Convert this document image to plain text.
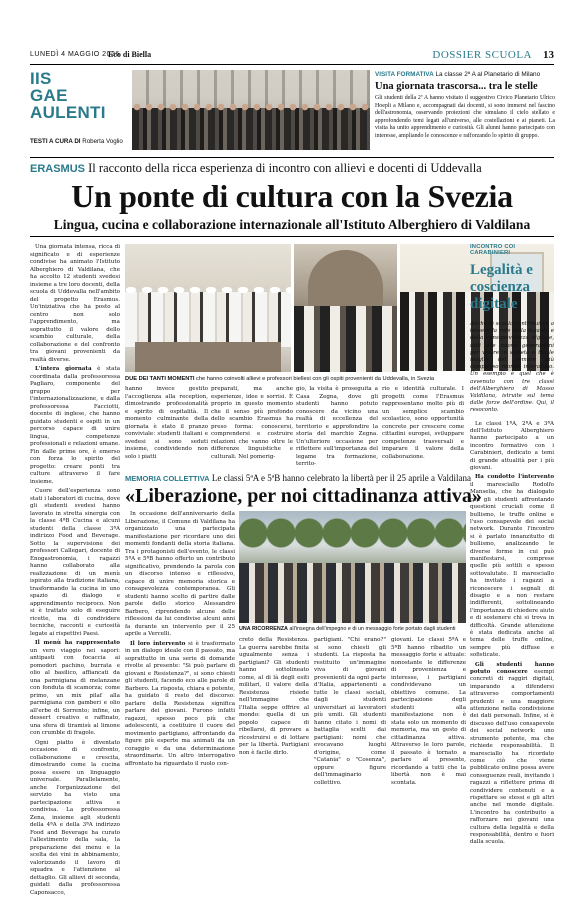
LUNEDÌ 4 MAGGIO 2026
Eco di Biella	DOSSIER SCUOLA 13
IIS
GAE AULENTI
TESTI A CURA DI Roberta Voglio
VISITA FORMATIVA La classe 2ª A al Planetario di Milano
Una giornata trascorsa... tra le stelle
Gli studenti della 2ª A hanno visitato il suggestivo Civico Planetario Ulrico Hoepli a Milano e, accompagnati dai docenti, si sono immersi nel fascino dell'astronomia, osservando proiezioni che simulano il cielo stellato e approfondendo temi legati all'universo, alle costellazioni e ai pianeti. La visita ha unito apprendimento e curiosità. Gli alunni hanno partecipato con interesse, ampliando le conoscenze e rafforzando lo spirito di gruppo.
ERASMUS Il racconto della ricca esperienza di incontro con allievi e docenti di Uddevalla
Un ponte di cultura con la Svezia
Lingua, cucina e collaborazione internazionale all'Istituto Alberghiero di Valdilana

Una giornata intensa, ricca di significato e di esperienze condivise ha animato l'Istituto Alberghiero di Valdilana, che ha accolto 12 studenti svedesi insieme a tre loro docenti, della scuola di Uddevalla nell'ambito del progetto Erasmus. Un'iniziativa che ha posto al centro non solo l'apprendimento, ma soprattutto il valore dello scambio culturale, della collaborazione e del confronto tra giovani provenienti da realtà diverse.

L'intera giornata è stata coordinata dalla professoressa Pagliaro, componente del gruppo per l'internazionalizzazione, e dalla professoressa Facciotti, docente di inglese, che hanno guidato studenti e ospiti in un percorso capace di unire lingua, competenze professionali e relazioni umane. Fin dalle prime ore, è emerso con forza lo spirito del progetto: creare ponti tra culture attraverso il fare insieme.

Cuore dell'esperienza sono stati i laboratori di cucina, dove gli studenti svedesi hanno lavorato in stretta sinergia con la classe 4ªB Cucina e alcuni studenti della classe 3ªA indirizzo Food and Beverage. Sotto la supervisione dei professori Callegari, docente di Enogastronomia, i ragazzi hanno collaborato alla realizzazione di un menù ispirato alla tradizione italiana, trasformando la cucina in uno spazio di dialogo e apprendimento reciproco. Non si è trattato solo di eseguire ricette, ma di condividere tecniche, racconti e curiosità legate ai rispettivi Paesi.

Il menù ha rappresentato un vero viaggio nei sapori: antipasti con focaccia ai pomodori pachino, burrata e olio al basilico, affiancati da una parmigiana di melanzane con fonduta di scamorza; come primo, un mix pilaf alla parmigiana con gamberi e olio all'erbe di Sorrento; infine, un dessert creativo e raffinato, una sfera di tiramisù al limone con crumble di fragole.

Ogni piatto è diventato occasione di confronto, collaborazione e crescita, dimostrando come la cucina possa essere un linguaggio universale. Parallelamente, anche l'organizzazione del servizio ha visto una partecipazione attiva e condivisa. La professoressa Zena, insieme agli studenti della 4ªA e della 3ªA indirizzo Food and Beverage ha curato l'allestimento della sala, la preparazione dei menu e la scelta dei vini in abbinamento, valorizzando il lavoro di squadra e l'attenzione al dettaglio. Gli allievi di seconda, guidati dalla professoressa Caponsacco,

DUE DEI TANTI MOMENTI che hanno coinvolti allievi e professori biellesi con gli ospiti provenienti da Uddevalla, in Svezia

hanno invece gestito l'accoglienza alla reception, dimostrando professionalità e spirito di ospitalità. Il momento culminante della giornata è stato il pranzo conviviale: studenti italiani e svedesi si sono seduti insieme, condividendo non solo i piatti

preparati, ma anche esperienze, idee e sorrisi. È proprio in questo momento che il senso più profondo dello scambio Erasmus ha preso forma: conoscersi, comprendersi e costruire relazioni che vanno oltre le differenze linguistiche e culturali. Nel pomerig-

gio, la visita è proseguita a Casa Zegna, dove gli studenti hanno potuto conoscere da vicino una realtà di eccellenza del territorio e approfondire la storia del marchio Zegna. Un'ulteriore occasione per riflettere sull'importanza del legame tra formazione, territo-

rio e identità culturale. I progetti come l'Erasmus rappresentano molto più di un semplice scambio scolastico, sono opportunità concrete per crescere come cittadini europei, sviluppare competenze trasversali e imparare il valore della collaborazione.

INCONTRO COI CARABINIERI
Legalità e coscienza digitale
Anche la scuola contribuisce a tessere la rete della legalità e della consapevolezza digitale, utili alle nuove generazioni per vivere in società e tra le maglie del sempre più complesso mondo interattivo. Un esempio è quel che è avvenuto con tre classi dell'Alberghiero di Masso Valdilana, istruite sul tema dalle forze dell'ordine. Qui, il resoconto.

Le classi 1ªA, 2ªA e 3ªA dell'Istituto Alberghiero hanno partecipato a un incontro formativo con i Carabinieri, dedicato a temi di grande attualità per i più giovani.

Ha condotto l'intervento il maresciallo Rodolfo Manselia, che ha dialogato con gli studenti affrontando questioni cruciali come il bullismo, le truffe online e l'uso consapevole dei social network. Durante l'incontro si è parlato innanzitutto di bullismo, analizzando le diverse forme in cui può manifestarsi, comprese quelle più sottili e spesso sottovalutate. Il maresciallo ha invitato i ragazzi a riconoscere i segnali di disagio e a non restare indifferenti, sottolineando l'importanza di chiedere aiuto e di sostenere chi si trova in difficoltà. Grande attenzione è stata dedicata anche al tema delle truffe online, sempre più diffuse e sofisticate.

Gli studenti hanno potuto conoscere esempi concreti di raggiri digitali, imparando a difendersi attraverso comportamenti prudenti e una maggiore attenzione nella condivisione dei dati personali. Infine, si è discusso dell'uso consapevole dei social network: uno strumento potente, ma che richiede responsabilità. Il maresciallo ha ricordato come ciò che viene pubblicato online possa avere conseguenze reali, invitando i ragazzi a riflettere prima di condividere contenuti e a rispettare se stessi e gli altri anche nel mondo digitale. L'incontro ha contribuito a rafforzare nei giovani una cultura della legalità e della responsabilità, dentro e fuori dalla scuola.

MEMORIA COLLETTIVA Le classi 5ªA e 5ªB hanno celebrato la libertà per il 25 aprile a Valdilana
«Liberazione, per noi cittadinanza attiva»

In occasione dell'anniversario della Liberazione, il Comune di Valdilana ha organizzato una partecipata manifestazione per ricordare uno dei momenti fondanti della storia italiana. Tra i protagonisti dell'evento, le classi 5ªA e 5ªB hanno offerto un contributo significativo, prendendo la parola con un discorso intenso e riflessivo, capace di unire memoria storica e consapevolezza contemporanea. Gli studenti hanno scelto di partire dalle parole dello storico Alessandro Barbero, riprendendo alcune delle riflessioni da lui condivise alcuni anni fa durante un intervento per il 25 aprile a Vercelli.

Il loro intervento si è trasformato in un dialogo ideale con il passato, ma soprattutto in una serie di domande rivolte al presente: "Si può parlare di giovani e Resistenza?", si sono chiesti gli studenti, facendo eco alle parole di Barbero. La risposta, chiara e potente, ha guidato il resto del discorso: parlare della Resistenza significa parlare dei giovani. Furono infatti ragazzi, spesso poco più che adolescenti, a costituire il cuore del movimento partigiano, affrontando da figure più esperte ma animati da un coraggio e da una determinazione straordinarie. Un altro interrogativo affrontato ha riguardato il ruolo con-

UNA RICORRENZA all'insegna dell'impegno e di un messaggio forte portato dagli studenti

creto della Resistenza. La guerra sarebbe finita ugualmente senza i partigiani? Gli studenti hanno sottolineato come, al di là degli esiti militari, il valore della Resistenza risiede nell'immagine che l'Italia seppe offrire al mondo: quella di un popolo capace di ribellarsi, di provare a ricostruirsi e di lottare per la libertà. Partigiani non è facile dirlo.

partigiani. "Chi erano?" si sono chiesti gli studenti. La risposta ha restituito un'immagine viva di giovani provenienti da ogni parte d'Italia, appartenenti a tutte le classi sociali, dagli studenti universitari ai lavoratori più umili. Gli studenti hanno citato i nomi di battaglia scelti dai partigiani: nomi che evocavano luoghi d'origine, come "Catania" o "Cosenza", oppure figure dell'immaginario collettivo.

giovani. Le classi 5ªA e 5ªB hanno ribadito un messaggio forte e attuale: nonostante le differenze di provenienza e interesse, i partigiani condividevano un obiettivo comune. La partecipazione degli studenti alla manifestazione non è stata solo un momento di memoria, ma un gesto di cittadinanza attiva. Attraverso le loro parole, il passato è tornato a parlare al presente, ricordando a tutti che la libertà non è mai scontata.
